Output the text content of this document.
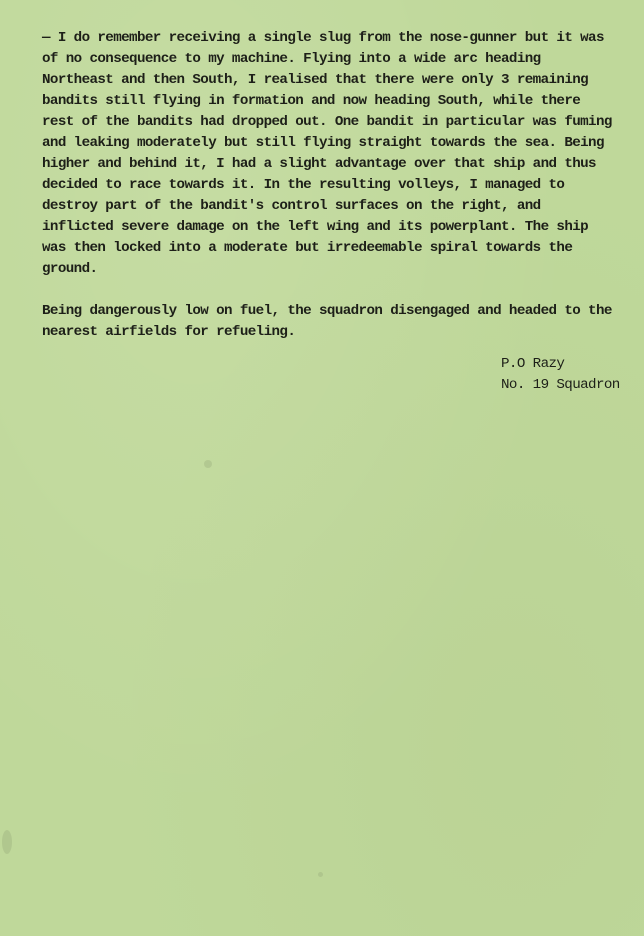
— I do remember receiving a single slug from the nose-gunner but it was of no consequence to my machine. Flying into a wide arc heading Northeast and then South, I realised that there were only 3 remaining bandits still flying in formation and now heading South, while there rest of the bandits had dropped out. One bandit in particular was fuming and leaking moderately but still flying straight towards the sea. Being higher and behind it, I had a slight advantage over that ship and thus decided to race towards it. In the resulting volleys, I managed to destroy part of the bandit's control surfaces on the right, and inflicted severe damage on the left wing and its powerplant. The ship was then locked into a moderate but irredeemable spiral towards the ground.

Being dangerously low on fuel, the squadron disengaged and headed to the nearest airfields for refueling.

P.O Razy
No. 19 Squadron
